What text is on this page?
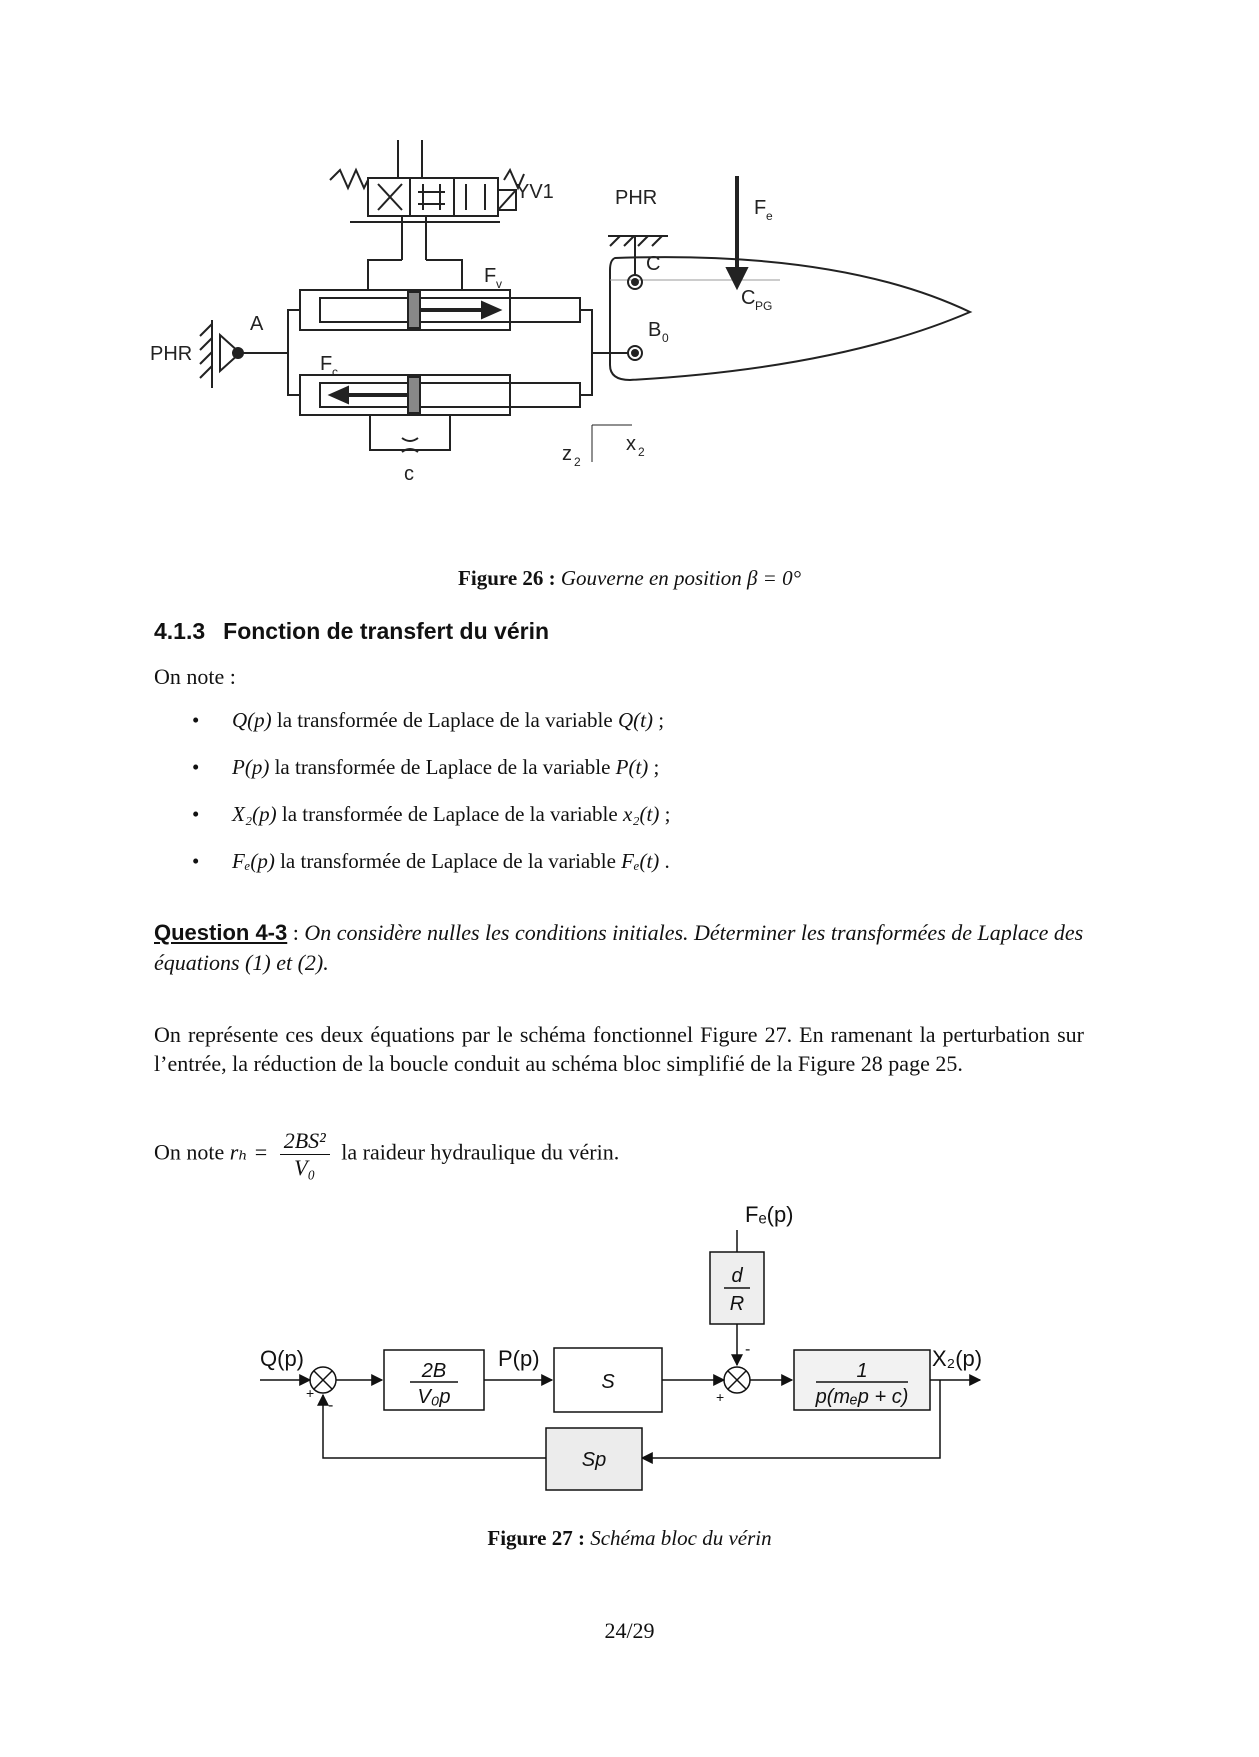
YV1	PHR
PHR
A
F v
F c
F e
C
C PG
B 0
c
z 2
x 2
Figure 26 : Gouverne en position β = 0°
4.1.3 Fonction de transfert du vérin
On note :
• Q(p) la transformée de Laplace de la variable Q(t) ;
• P(p) la transformée de Laplace de la variable P(t) ;
• X₂(p) la transformée de Laplace de la variable x₂(t) ;
• Fₑ(p) la transformée de Laplace de la variable Fₑ(t) .
Question 4-3 : On considère nulles les conditions initiales. Déterminer les transformées de Laplace des équations (1) et (2).
On représente ces deux équations par le schéma fonctionnel Figure 27. En ramenant la perturbation sur l’entrée, la réduction de la boucle conduit au schéma bloc simplifié de la Figure 28 page 25.
On note $r_h = \frac{\text{2BS²}}{\text{V₀}}$ la raideur hydraulique du vérin.
Q(p)	P(p)	X₂(p)
Fₑ(p)
+
-	+
-
2B
V₀p
S
d
R
1
p(mₑp + c)
Sp
Figure 27 : Schéma bloc du vérin
24/29
